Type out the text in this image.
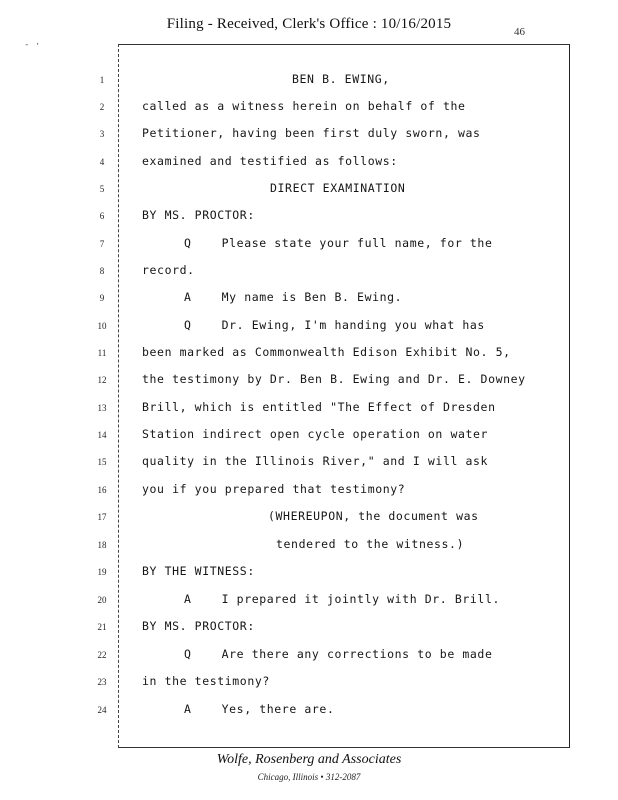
Filing - Received, Clerk's Office : 10/16/2015	46
- ·
1
2
3
4
5
6
7
8
9
10
11
12
13
14
15
16
17
18
19
20
21
22
23
24
BEN B. EWING,
called as a witness herein on behalf of the
Petitioner, having been first duly sworn, was
examined and testified as follows:
DIRECT EXAMINATION
BY MS. PROCTOR:
Q    Please state your full name, for the
record.
A    My name is Ben B. Ewing.
Q    Dr. Ewing, I'm handing you what has
been marked as Commonwealth Edison Exhibit No. 5,
the testimony by Dr. Ben B. Ewing and Dr. E. Downey
Brill, which is entitled "The Effect of Dresden
Station indirect open cycle operation on water
quality in the Illinois River," and I will ask
you if you prepared that testimony?
(WHEREUPON, the document was
tendered to the witness.)
BY THE WITNESS:
A    I prepared it jointly with Dr. Brill.
BY MS. PROCTOR:
Q    Are there any corrections to be made
in the testimony?
A    Yes, there are.
Wolfe, Rosenberg and Associates
Chicago, Illinois • 312-2087
